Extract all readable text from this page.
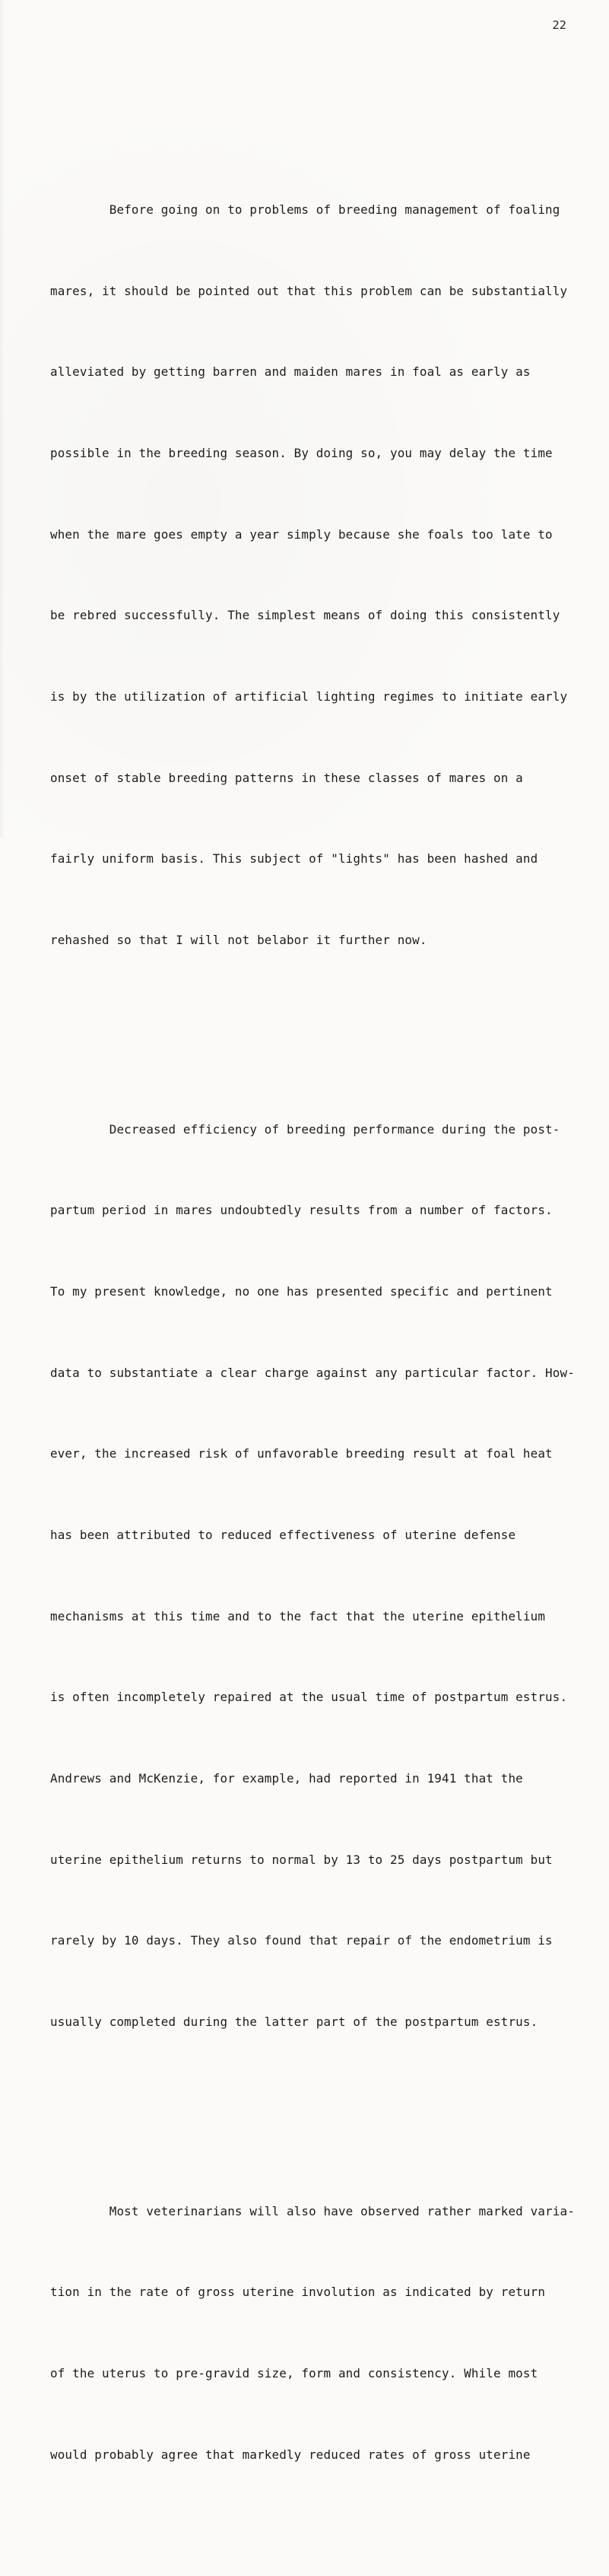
22

Before going on to problems of breeding management of foaling

mares, it should be pointed out that this problem can be substantially

alleviated by getting barren and maiden mares in foal as early as

possible in the breeding season. By doing so, you may delay the time

when the mare goes empty a year simply because she foals too late to

be rebred successfully. The simplest means of doing this consistently

is by the utilization of artificial lighting regimes to initiate early

onset of stable breeding patterns in these classes of mares on a

fairly uniform basis. This subject of "lights" has been hashed and

rehashed so that I will not belabor it further now.

Decreased efficiency of breeding performance during the post-

partum period in mares undoubtedly results from a number of factors.

To my present knowledge, no one has presented specific and pertinent

data to substantiate a clear charge against any particular factor. How-

ever, the increased risk of unfavorable breeding result at foal heat

has been attributed to reduced effectiveness of uterine defense

mechanisms at this time and to the fact that the uterine epithelium

is often incompletely repaired at the usual time of postpartum estrus.

Andrews and McKenzie, for example, had reported in 1941 that the

uterine epithelium returns to normal by 13 to 25 days postpartum but

rarely by 10 days. They also found that repair of the endometrium is

usually completed during the latter part of the postpartum estrus.

Most veterinarians will also have observed rather marked varia-

tion in the rate of gross uterine involution as indicated by return

of the uterus to pre-gravid size, form and consistency. While most

would probably agree that markedly reduced rates of gross uterine
